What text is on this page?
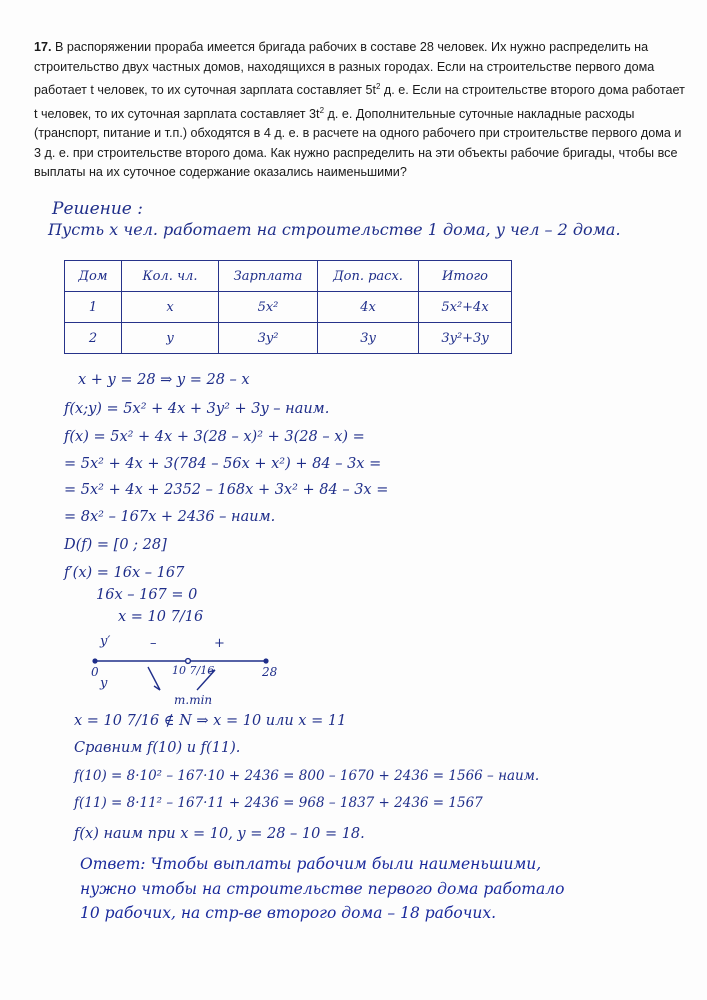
17. В распоряжении прораба имеется бригада рабочих в составе 28 человек. Их нужно распределить на строительство двух частных домов, находящихся в разных городах. Если на строительстве первого дома работает t человек, то их суточная зарплата составляет $5t^2$ д. е. Если на строительстве второго дома работает t человек, то их суточная зарплата составляет $3t^2$ д. е. Дополнительные суточные накладные расходы (транспорт, питание и т.п.) обходятся в 4 д. е. в расчете на одного рабочего при строительстве первого дома и 3 д. е. при строительстве второго дома. Как нужно распределить на эти объекты рабочие бригады, чтобы все выплаты на их суточное содержание оказались наименьшими?
Решение :
Пусть x чел. работает на строительстве 1 дома, y чел – 2 дома.
Дом	Кол. чл.	Зарплата	Доп. расх.	Итого
1	x	5x²	4x	5x²+4x
2	y	3y²	3y	3y²+3y
x + y = 28 ⇒ y = 28 – x
f(x;y) = 5x² + 4x + 3y² + 3y – наим.
f(x) = 5x² + 4x + 3(28 – x)² + 3(28 – x) =
= 5x² + 4x + 3(784 – 56x + x²) + 84 – 3x =
= 5x² + 4x + 2352 – 168x + 3x² + 84 – 3x =
= 8x² – 167x + 2436 – наим.
D(f) = [0 ; 28]
f′(x) = 16x – 167
16x – 167 = 0
x = 10 7/16
y′	–	+
0
y
10 7/16	28
т.min
x = 10 7/16 ∉ N ⇒ x = 10 или x = 11
Сравним f(10) и f(11).
f(10) = 8·10² – 167·10 + 2436 = 800 – 1670 + 2436 = 1566 – наим.
f(11) = 8·11² – 167·11 + 2436 = 968 – 1837 + 2436 = 1567
f(x) наим при x = 10, y = 28 – 10 = 18.
Ответ: Чтобы выплаты рабочим были наименьшими,
нужно чтобы на строительстве первого дома работало
10 рабочих, на стр-ве второго дома – 18 рабочих.
